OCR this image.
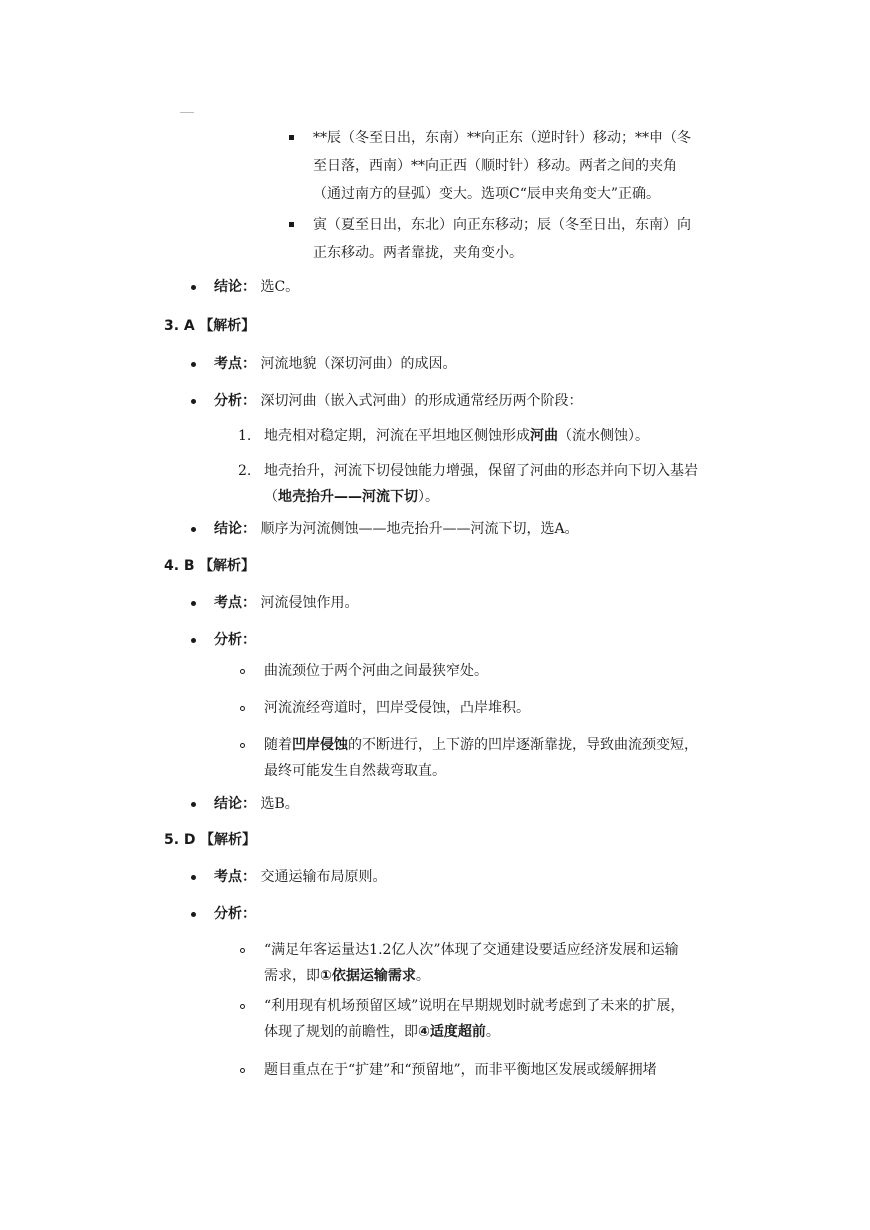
**辰（冬至日出，东南）**向正东（逆时针）移动；**申（冬
至日落，西南）**向正西（顺时针）移动。两者之间的夹角
（通过南方的昼弧）变大。选项C“辰申夹角变大”正确。
寅（夏至日出，东北）向正东移动；辰（冬至日出，东南）向
正东移动。两者靠拢，夹角变小。
结论： 选C。
3. A 【解析】
考点： 河流地貌（深切河曲）的成因。
分析： 深切河曲（嵌入式河曲）的形成通常经历两个阶段：
1. 地壳相对稳定期，河流在平坦地区侧蚀形成河曲（流水侧蚀）。
2. 地壳抬升，河流下切侵蚀能力增强，保留了河曲的形态并向下切入基岩
（地壳抬升——河流下切）。
结论： 顺序为河流侧蚀——地壳抬升——河流下切，选A。
4. B 【解析】
考点： 河流侵蚀作用。
分析：
曲流颈位于两个河曲之间最狭窄处。
河流流经弯道时，凹岸受侵蚀，凸岸堆积。
随着凹岸侵蚀的不断进行，上下游的凹岸逐渐靠拢，导致曲流颈变短，
最终可能发生自然裁弯取直。
结论： 选B。
5. D 【解析】
考点： 交通运输布局原则。
分析：
“满足年客运量达1.2亿人次”体现了交通建设要适应经济发展和运输
需求，即①依据运输需求。
“利用现有机场预留区域”说明在早期规划时就考虑到了未来的扩展，
体现了规划的前瞻性，即④适度超前。
题目重点在于“扩建”和“预留地”，而非平衡地区发展或缓解拥堵
